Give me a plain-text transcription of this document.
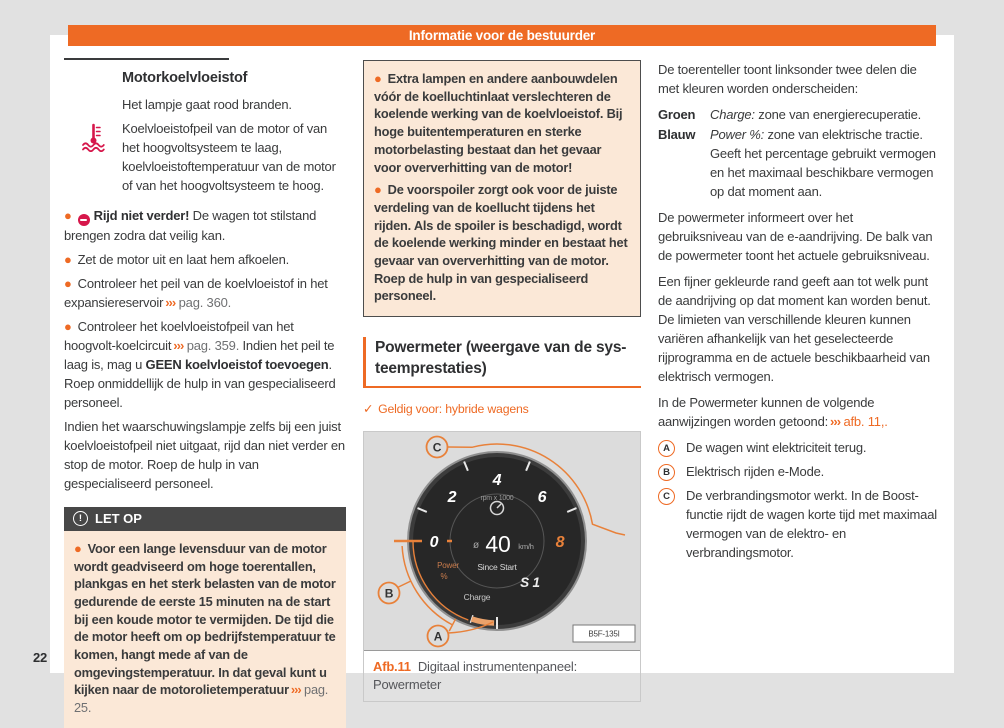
Informatie voor de bestuurder
Motorkoelvloeistof

Het lampje gaat rood branden.

Koelvloeistofpeil van de motor of van het hoogvoltsysteem te laag, koelvloeistoftemperatuur van de motor of van het hoogvoltsysteem te hoog.

● Rijd niet verder! De wagen tot stilstand brengen zodra dat veilig kan.

● Zet de motor uit en laat hem afkoelen.

● Controleer het peil van de koelvloeistof in het expansiereservoir ››› pag. 360.

● Controleer het koelvloeistofpeil van het hoogvolt-koelcircuit ››› pag. 359. Indien het peil te laag is, mag u GEEN koelvloeistof toevoegen. Roep onmiddellijk de hulp in van gespecialiseerd personeel.

Indien het waarschuwingslampje zelfs bij een juist koelvloeistofpeil niet uitgaat, rijd dan niet verder en stop de motor. Roep de hulp in van gespecialiseerd personeel.

! LET OP

● Voor een lange levensduur van de motor wordt geadviseerd om hoge toerentallen, plankgas en het sterk belasten van de motor gedurende de eerste 15 minuten na de start bij een koude motor te vermijden. De tijd die de motor heeft om op bedrijfstemperatuur te komen, hangt mede af van de omgevingstemperatuur. In dat geval kunt u kijken naar de motorolietemperatuur ››› pag. 25.

● Extra lampen en andere aanbouwdelen vóór de koelluchtinlaat verslechteren de koelende werking van de koelvloeistof. Bij hoge buitentemperaturen en sterke motorbelasting bestaat dan het gevaar voor oververhitting van de motor!

● De voorspoiler zorgt ook voor de juiste verdeling van de koellucht tijdens het rijden. Als de spoiler is beschadigd, wordt de koelende werking minder en bestaat het gevaar van oververhitting van de motor. Roep de hulp in van gespecialiseerd personeel.

Powermeter (weergave van de sys-
teemprestaties)
✓ Geldig voor: hybride wagens
0
2
4
6
8
rpm x 1000
ø 40 km/h
Since Start
Power
%
Charge
S 1
C
B
A	B5F-135I
Afb.11 Digitaal instrumentenpaneel: Powermeter

De toerenteller toont linksonder twee delen die met kleuren worden onderscheiden:

Groen	Charge: zone van energierecuperatie.
Blauw	Power %: zone van elektrische tractie. Geeft het percentage gebruikt vermogen en het maximaal beschikbare vermogen op dat moment aan.

De powermeter informeert over het gebruiksniveau van de e-aandrijving. De balk van de powermeter toont het actuele gebruiksniveau.

Een fijner gekleurde rand geeft aan tot welk punt de aandrijving op dat moment kan worden benut. De limieten van verschillende kleuren kunnen variëren afhankelijk van het geselecteerde rijprogramma en de actuele beschikbaarheid van elektrisch vermogen.

In de Powermeter kunnen de volgende aanwijzingen worden getoond: ››› afb. 11,.

A	De wagen wint elektriciteit terug.
B	Elektrisch rijden e-Mode.
C	De verbrandingsmotor werkt. In de Boost-functie rijdt de wagen korte tijd met maximaal vermogen van de elektro- en verbrandingsmotor.
22
